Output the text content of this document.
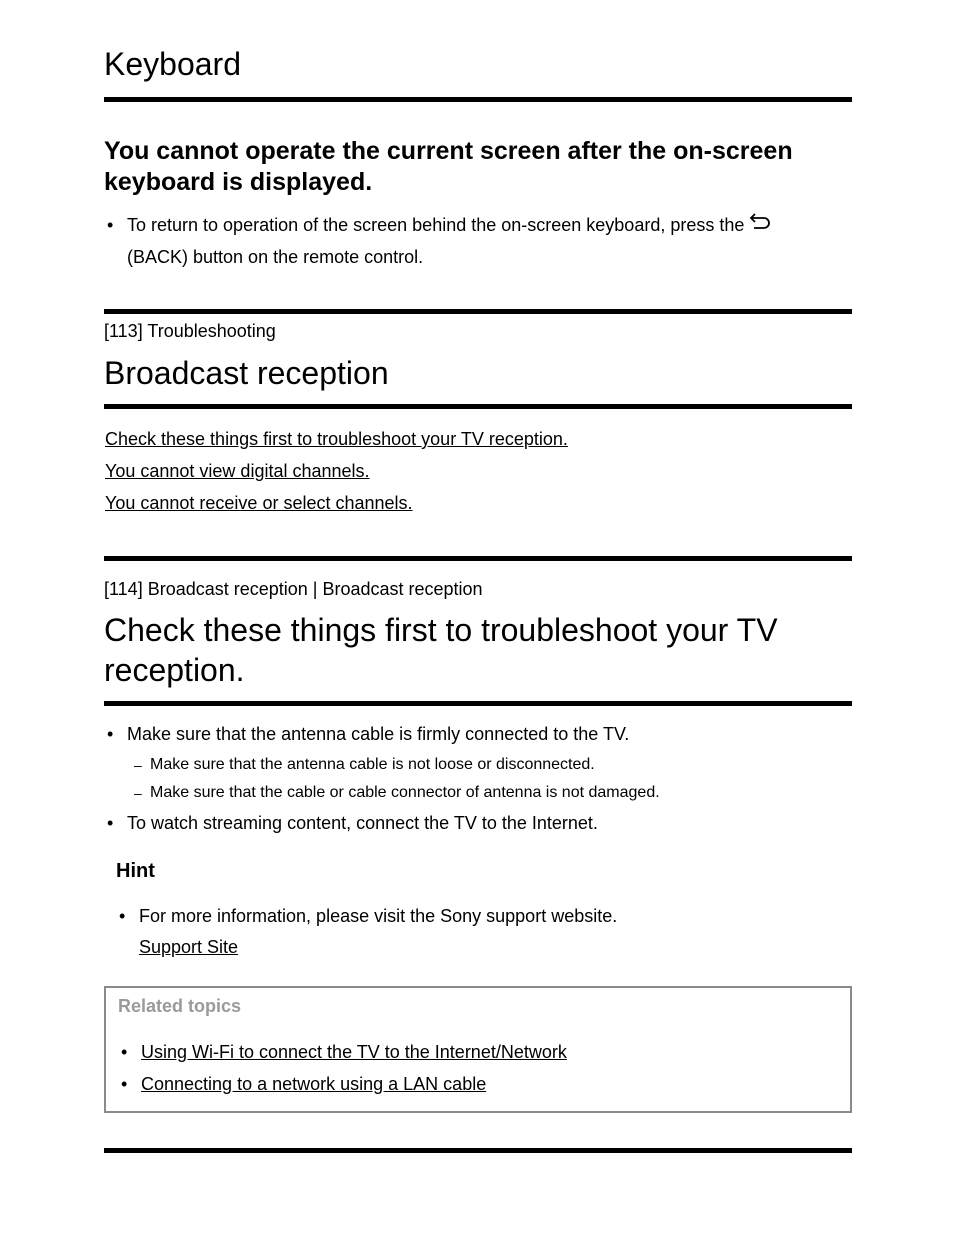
Keyboard
You cannot operate the current screen after the on-screen keyboard is displayed.
• To return to operation of the screen behind the on-screen keyboard, press the
(BACK) button on the remote control.
[113] Troubleshooting
Broadcast reception
Check these things first to troubleshoot your TV reception.
You cannot view digital channels.
You cannot receive or select channels.
[114] Broadcast reception | Broadcast reception
Check these things first to troubleshoot your TV
reception.
• Make sure that the antenna cable is firmly connected to the TV.
– Make sure that the antenna cable is not loose or disconnected.
– Make sure that the cable or cable connector of antenna is not damaged.
• To watch streaming content, connect the TV to the Internet.
Hint
• For more information, please visit the Sony support website.
Support Site
Related topics
• Using Wi-Fi to connect the TV to the Internet/Network
• Connecting to a network using a LAN cable
